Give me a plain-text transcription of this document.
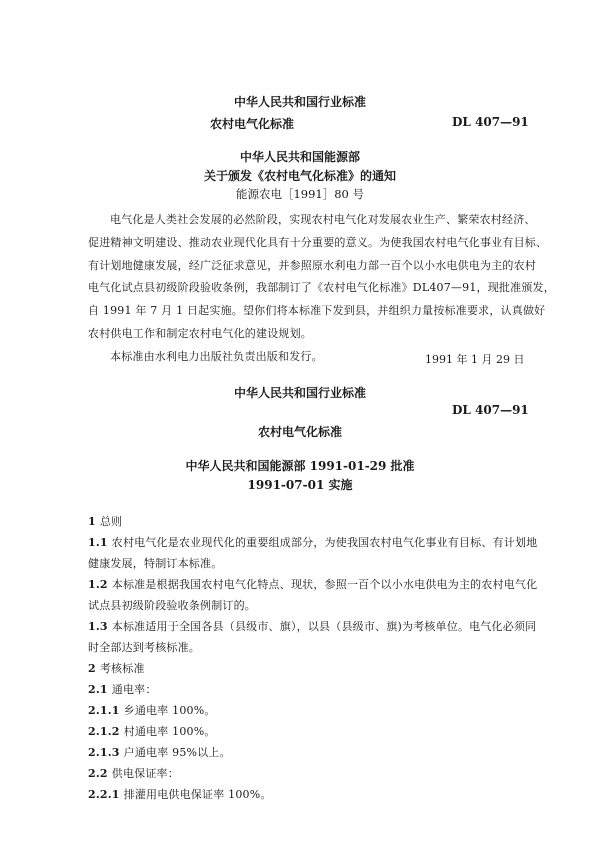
中华人民共和国行业标准
农村电气化标准	DL 407—91
中华人民共和国能源部
关于颁发《农村电气化标准》的通知
能源农电［1991］80 号
电气化是人类社会发展的必然阶段，实现农村电气化对发展农业生产、繁荣农村经济、
促进精神文明建设、推动农业现代化具有十分重要的意义。为使我国农村电气化事业有目标、
有计划地健康发展，经广泛征求意见，并参照原水利电力部一百个以小水电供电为主的农村
电气化试点县初级阶段验收条例，我部制订了《农村电气化标准》DL407—91，现批准颁发，
自 1991 年 7 月 1 日起实施。望你们将本标准下发到县，并组织力量按标准要求，认真做好
农村供电工作和制定农村电气化的建设规划。
本标准由水利电力出版社负责出版和发行。	1991 年 1 月 29 日
中华人民共和国行业标准
DL 407—91
农村电气化标准
中华人民共和国能源部 1991-01-29 批准
1991-07-01 实施
1 总则
1.1 农村电气化是农业现代化的重要组成部分，为使我国农村电气化事业有目标、有计划地
健康发展，特制订本标准。
1.2 本标准是根据我国农村电气化特点、现状，参照一百个以小水电供电为主的农村电气化
试点县初级阶段验收条例制订的。
1.3 本标准适用于全国各县（县级市、旗），以县（县级市、旗)为考核单位。电气化必须同
时全部达到考核标准。
2 考核标准
2.1 通电率：
2.1.1 乡通电率 100%。
2.1.2 村通电率 100%。
2.1.3 户通电率 95%以上。
2.2 供电保证率：
2.2.1 排灌用电供电保证率 100%。
